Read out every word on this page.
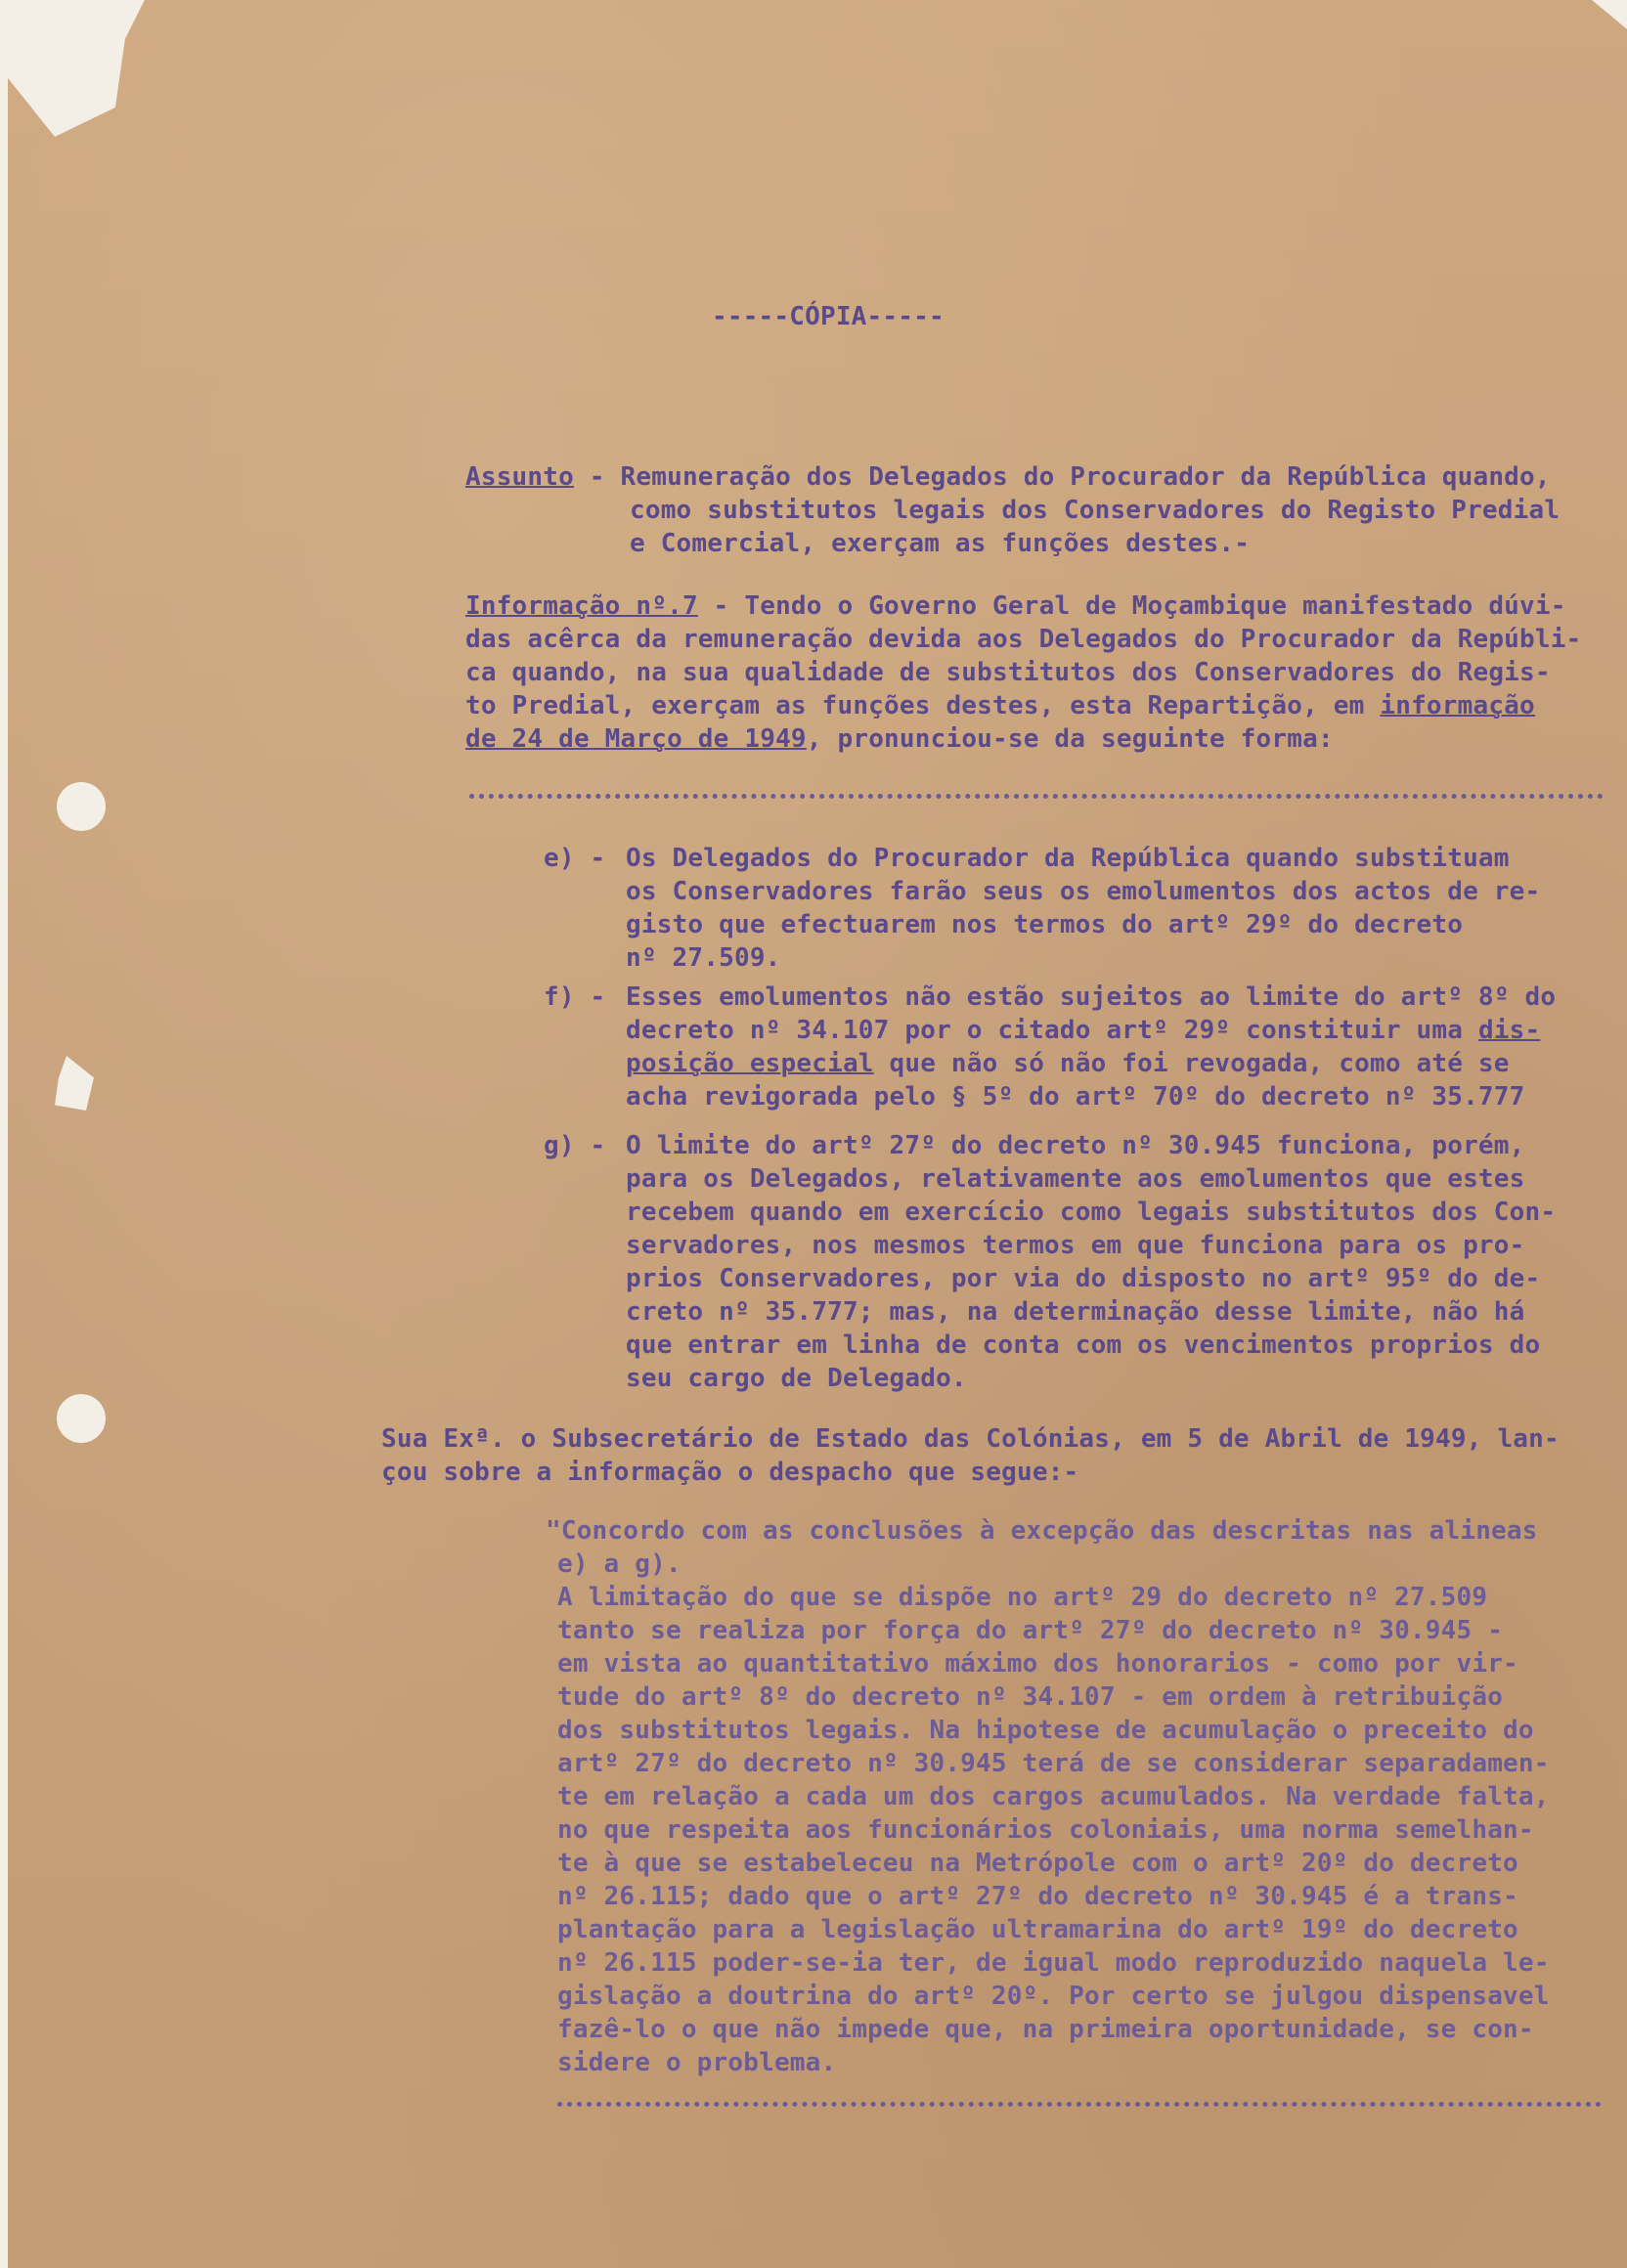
-----CÓPIA-----

Assunto - Remuneração dos Delegados do Procurador da República quando,

como substitutos legais dos Conservadores do Registo Predial

e Comercial, exerçam as funções destes.-

Informação nº.7 - Tendo o Governo Geral de Moçambique manifestado dúvi-

das acêrca da remuneração devida aos Delegados do Procurador da Repúbli-

ca quando, na sua qualidade de substitutos dos Conservadores do Regis-

to Predial, exerçam as funções destes, esta Repartição, em informação

de 24 de Março de 1949, pronunciou-se da seguinte forma:

e) - Os Delegados do Procurador da República quando substituam

os Conservadores farão seus os emolumentos dos actos de re-

gisto que efectuarem nos termos do artº 29º do decreto

nº 27.509.

f) - Esses emolumentos não estão sujeitos ao limite do artº 8º do

decreto nº 34.107 por o citado artº 29º constituir uma dis-

posição especial que não só não foi revogada, como até se

acha revigorada pelo § 5º do artº 70º do decreto nº 35.777

g) - O limite do artº 27º do decreto nº 30.945 funciona, porém,

para os Delegados, relativamente aos emolumentos que estes

recebem quando em exercício como legais substitutos dos Con-

servadores, nos mesmos termos em que funciona para os pro-

prios Conservadores, por via do disposto no artº 95º do de-

creto nº 35.777; mas, na determinação desse limite, não há

que entrar em linha de conta com os vencimentos proprios do

seu cargo de Delegado.

Sua Exª. o Subsecretário de Estado das Colónias, em 5 de Abril de 1949, lan-

çou sobre a informação o despacho que segue:-

"Concordo com as conclusões à excepção das descritas nas alineas

e) a g).

A limitação do que se dispõe no artº 29 do decreto nº 27.509

tanto se realiza por força do artº 27º do decreto nº 30.945 -

em vista ao quantitativo máximo dos honorarios - como por vir-

tude do artº 8º do decreto nº 34.107 - em ordem à retribuição

dos substitutos legais. Na hipotese de acumulação o preceito do

artº 27º do decreto nº 30.945 terá de se considerar separadamen-

te em relação a cada um dos cargos acumulados. Na verdade falta,

no que respeita aos funcionários coloniais, uma norma semelhan-

te à que se estabeleceu na Metrópole com o artº 20º do decreto

nº 26.115; dado que o artº 27º do decreto nº 30.945 é a trans-

plantação para a legislação ultramarina do artº 19º do decreto

nº 26.115 poder-se-ia ter, de igual modo reproduzido naquela le-

gislação a doutrina do artº 20º. Por certo se julgou dispensavel

fazê-lo o que não impede que, na primeira oportunidade, se con-

sidere o problema.
